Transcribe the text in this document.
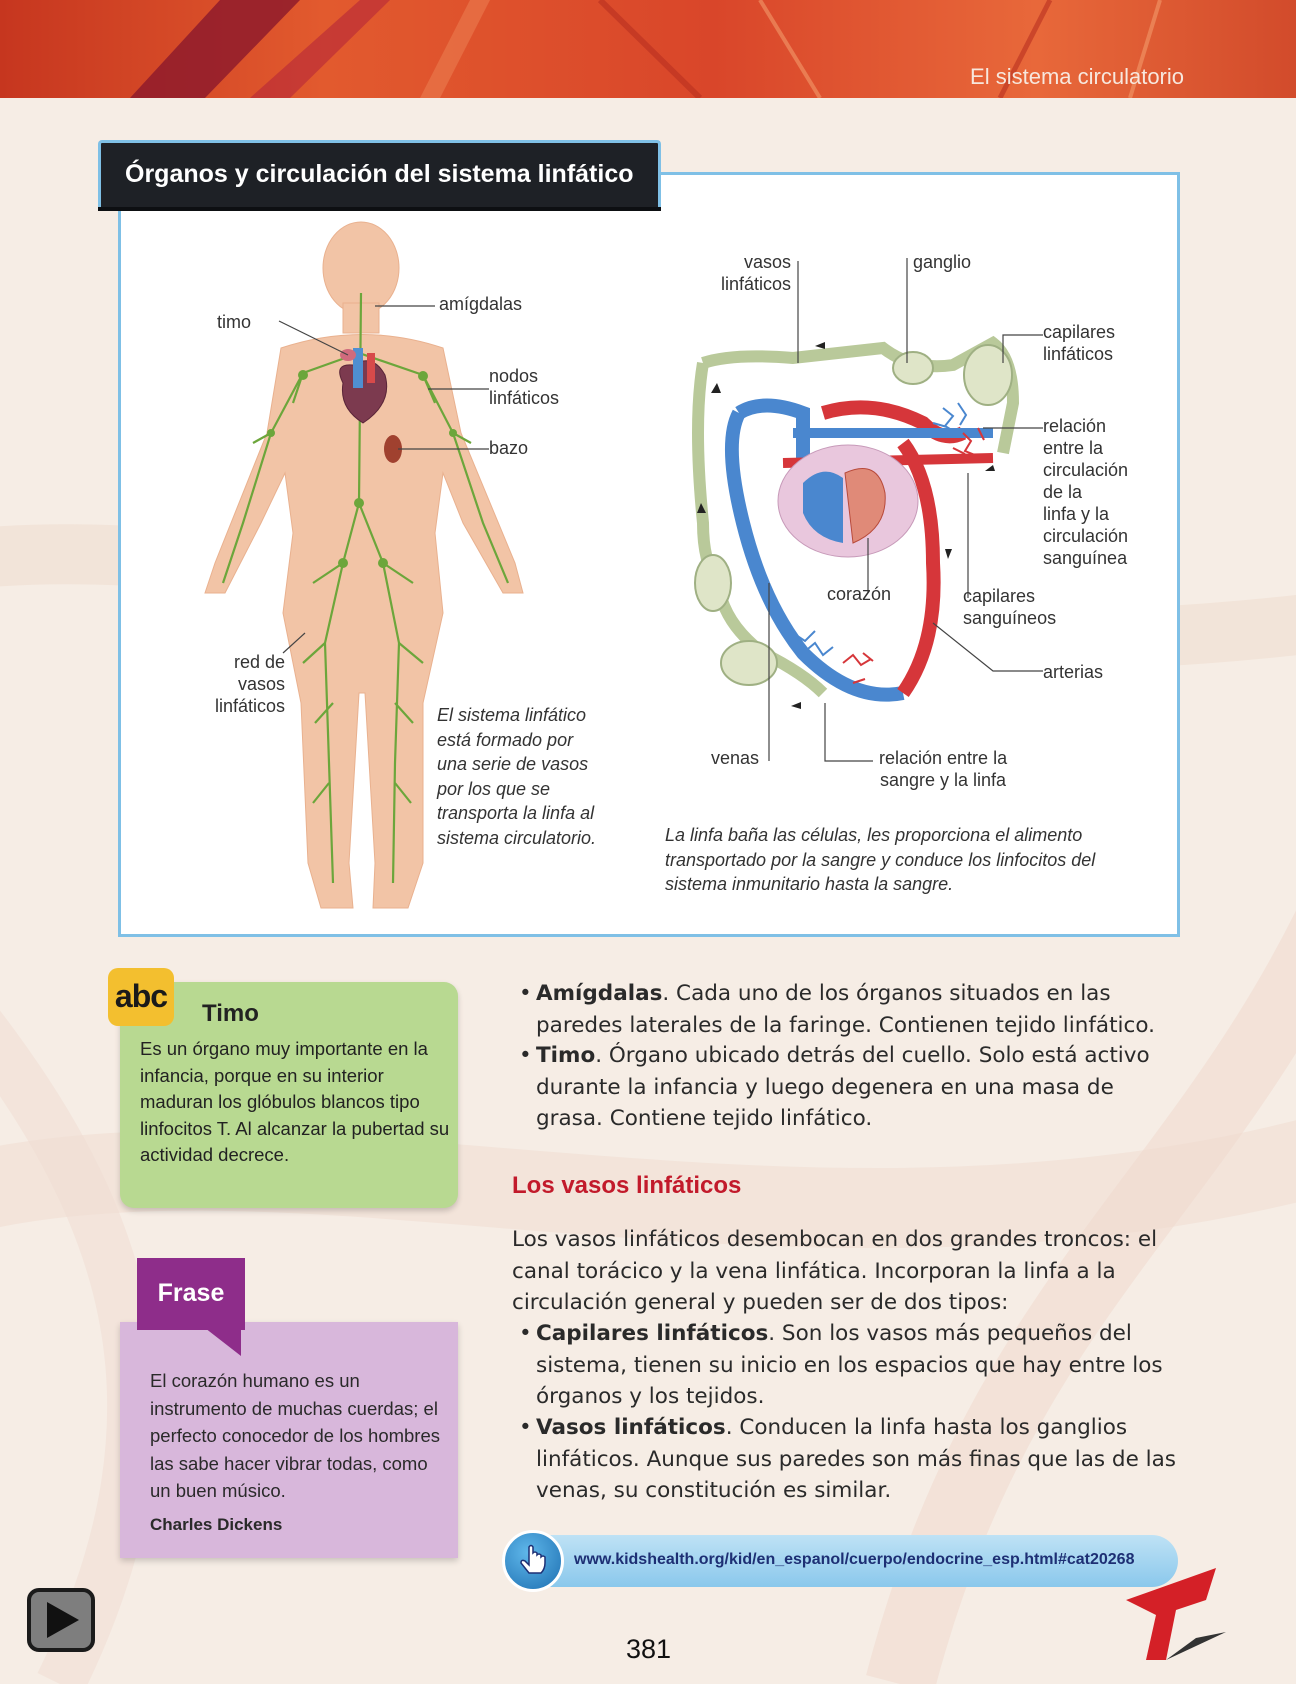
El sistema circulatorio
timo
amígdalas
nodos
linfáticos
bazo
red de
vasos
linfáticos	El sistema linfático está formado por una serie de vasos por los que se transporta la linfa al sistema circulatorio.
vasos
linfáticos
ganglio
capilares
linfáticos
relación
entre la
circulación
de la
linfa y la
circulación
sanguínea
corazón	capilares
sanguíneos
arterias
venas	relación entre la
sangre y la linfa
La linfa baña las células, les proporciona el alimento transportado por la sangre y conduce los linfocitos del sistema inmunitario hasta la sangre.
Órganos y circulación del sistema linfático
abc Timo
Es un órgano muy importante en la infancia, porque en su interior maduran los glóbulos blancos tipo linfocitos T. Al alcanzar la pubertad su actividad decrece.
Frase
El corazón humano es un instrumento de muchas cuerdas; el perfecto conocedor de los hombres las sabe hacer vibrar todas, como un buen músico.
Charles Dickens
• Amígdalas. Cada uno de los órganos situados en las paredes laterales de la faringe. Contienen tejido linfático.
• Timo. Órgano ubicado detrás del cuello. Solo está activo durante la infancia y luego degenera en una masa de grasa. Contiene tejido linfático.
Los vasos linfáticos
Los vasos linfáticos desembocan en dos grandes troncos: el canal torácico y la vena linfática. Incorporan la linfa a la circulación general y pueden ser de dos tipos:
• Capilares linfáticos. Son los vasos más pequeños del sistema, tienen su inicio en los espacios que hay entre los órganos y los tejidos.
• Vasos linfáticos. Conducen la linfa hasta los ganglios linfáticos. Aunque sus paredes son más finas que las de las venas, su constitución es similar.
www.kidshealth.org/kid/en_espanol/cuerpo/endocrine_esp.html#cat20268
381
